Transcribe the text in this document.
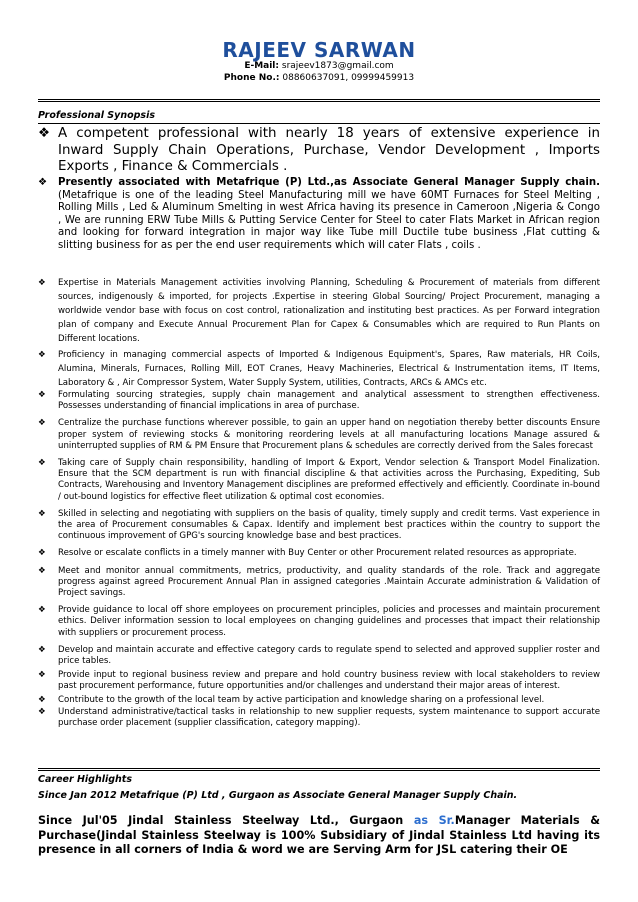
RAJEEV SARWAN
E-Mail: srajeev1873@gmail.com
Phone No.: 08860637091, 09999459913
Professional Synopsis
❖ A competent professional with nearly 18 years of extensive experience in Inward Supply Chain Operations, Purchase, Vendor Development , Imports Exports , Finance & Commercials .
❖ Presently associated with Metafrique (P) Ltd.,as Associate General Manager Supply chain. (Metafrique is one of the leading Steel Manufacturing mill we have 60MT Furnaces for Steel Melting , Rolling Mills , Led & Aluminum Smelting in west Africa having its presence in Cameroon ,Nigeria & Congo , We are running ERW Tube Mills & Putting Service Center for Steel to cater Flats Market in African region and looking for forward integration in major way like Tube mill Ductile tube business ,Flat cutting & slitting business for as per the end user requirements which will cater Flats , coils .
❖ Expertise in Materials Management activities involving Planning, Scheduling & Procurement of materials from different sources, indigenously & imported, for projects .Expertise in steering Global Sourcing/ Project Procurement, managing a worldwide vendor base with focus on cost control, rationalization and instituting best practices. As per Forward integration plan of company and Execute Annual Procurement Plan for Capex & Consumables which are required to Run Plants on Different locations.
❖ Proficiency in managing commercial aspects of Imported & Indigenous Equipment's, Spares, Raw materials, HR Coils, Alumina, Minerals, Furnaces, Rolling Mill, EOT Cranes, Heavy Machineries, Electrical & Instrumentation items, IT Items, Laboratory & , Air Compressor System, Water Supply System, utilities, Contracts, ARCs & AMCs etc.
❖ Formulating sourcing strategies, supply chain management and analytical assessment to strengthen effectiveness. Possesses understanding of financial implications in area of purchase.
❖ Centralize the purchase functions wherever possible, to gain an upper hand on negotiation thereby better discounts Ensure proper system of reviewing stocks & monitoring reordering levels at all manufacturing locations Manage assured & uninterrupted supplies of RM & PM Ensure that Procurement plans & schedules are correctly derived from the Sales forecast
❖ Taking care of Supply chain responsibility, handling of Import & Export, Vendor selection & Transport Model Finalization. Ensure that the SCM department is run with financial discipline & that activities across the Purchasing, Expediting, Sub Contracts, Warehousing and Inventory Management disciplines are preformed effectively and efficiently. Coordinate in-bound / out-bound logistics for effective fleet utilization & optimal cost economies.
❖ Skilled in selecting and negotiating with suppliers on the basis of quality, timely supply and credit terms. Vast experience in the area of Procurement consumables & Capax. Identify and implement best practices within the country to support the continuous improvement of GPG's sourcing knowledge base and best practices.
❖ Resolve or escalate conflicts in a timely manner with Buy Center or other Procurement related resources as appropriate.
❖ Meet and monitor annual commitments, metrics, productivity, and quality standards of the role. Track and aggregate progress against agreed Procurement Annual Plan in assigned categories .Maintain Accurate administration & Validation of Project savings.
❖ Provide guidance to local off shore employees on procurement principles, policies and processes and maintain procurement ethics. Deliver information session to local employees on changing guidelines and processes that impact their relationship with suppliers or procurement process.
❖ Develop and maintain accurate and effective category cards to regulate spend to selected and approved supplier roster and price tables.
❖ Provide input to regional business review and prepare and hold country business review with local stakeholders to review past procurement performance, future opportunities and/or challenges and understand their major areas of interest.
❖ Contribute to the growth of the local team by active participation and knowledge sharing on a professional level.
❖ Understand administrative/tactical tasks in relationship to new supplier requests, system maintenance to support accurate purchase order placement (supplier classification, category mapping).
Career Highlights
Since Jan 2012 Metafrique (P) Ltd , Gurgaon as Associate General Manager Supply Chain.
Since Jul'05 Jindal Stainless Steelway Ltd., Gurgaon as Sr.Manager Materials & Purchase(Jindal Stainless Steelway is 100% Subsidiary of Jindal Stainless Ltd having its presence in all corners of India & word we are Serving Arm for JSL catering their OE
